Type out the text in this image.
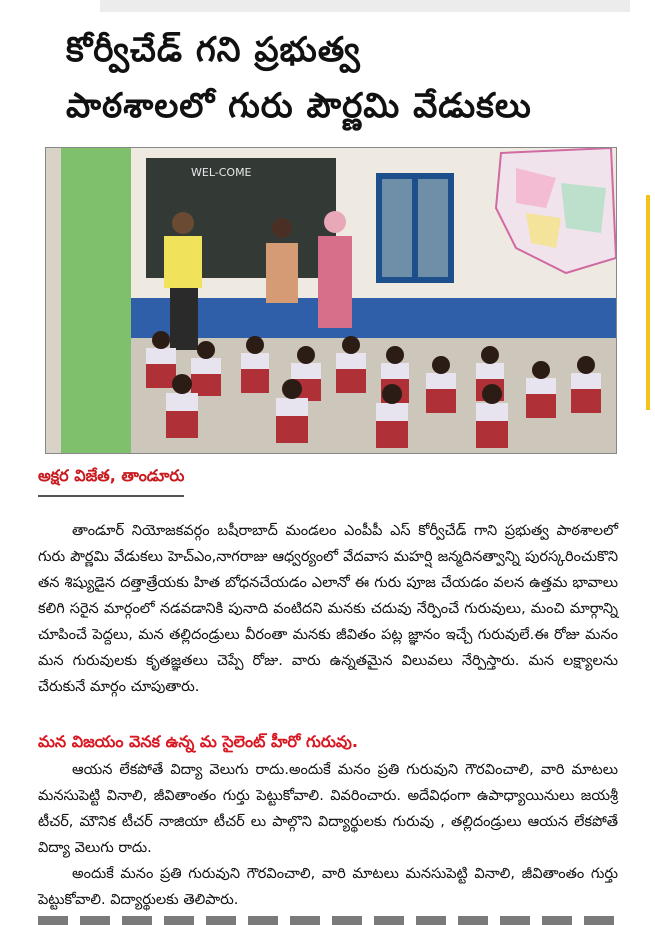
కోర్వీచేడ్ గని ప్రభుత్వ
పాఠశాలలో గురు పౌర్ణమి వేడుకలు
WEL-COME
అక్షర విజేత, తాండూరు

తాండూర్ నియోజకవర్గం బషీరాబాద్ మండలం ఎంపీపీ ఎస్ కోర్వీచేడ్ గాని ప్రభుత్వ పాఠశాలలో గురు పౌర్ణమి వేడుకలు హెచ్ఎం,నాగరాజు ఆధ్వర్యంలో వేదవాస మహర్షి జన్మదినత్వాన్ని పురస్కరించుకొని తన శిష్యుడైన దత్తాత్రేయకు హిత బోధనచేయడం ఎలానో ఈ గురు పూజ చేయడం వలన ఉత్తమ భావాలు కలిగి సరైన మార్గంలో నడవడానికి పునాది వంటిదని మనకు చదువు నేర్పించే గురువులు, మంచి మార్గాన్ని చూపించే పెద్దలు, మన తల్లిదండ్రులు వీరంతా మనకు జీవితం పట్ల జ్ఞానం ఇచ్చే గురువులే.ఈ రోజు మనం మన గురువులకు కృతజ్ఞతలు చెప్పే రోజు. వారు ఉన్నతమైన విలువలు నేర్పిస్తారు. మన లక్ష్యాలను చేరుకునే మార్గం చూపుతారు.

మన విజయం వెనక ఉన్న మ సైలెంట్ హీరో గురువు.

ఆయన లేకపోతే విద్యా వెలుగు రాదు.అందుకే మనం ప్రతి గురువుని గౌరవించాలి, వారి మాటలు మనసుపెట్టి వినాలి, జీవితాంతం గుర్తు పెట్టుకోవాలి. వివరించారు. అదేవిధంగా ఉపాధ్యాయినులు జయశ్రీ టీచర్, మౌనిక టీచర్ నాజియా టీచర్ లు పాల్గొని విద్యార్థులకు గురువు , తల్లిదండ్రులు ఆయన లేకపోతే విద్యా వెలుగు రాదు.

అందుకే మనం ప్రతి గురువుని గౌరవించాలి, వారి మాటలు మనసుపెట్టి వినాలి, జీవితాంతం గుర్తు పెట్టుకోవాలి. విద్యార్థులకు తెలిపారు.
